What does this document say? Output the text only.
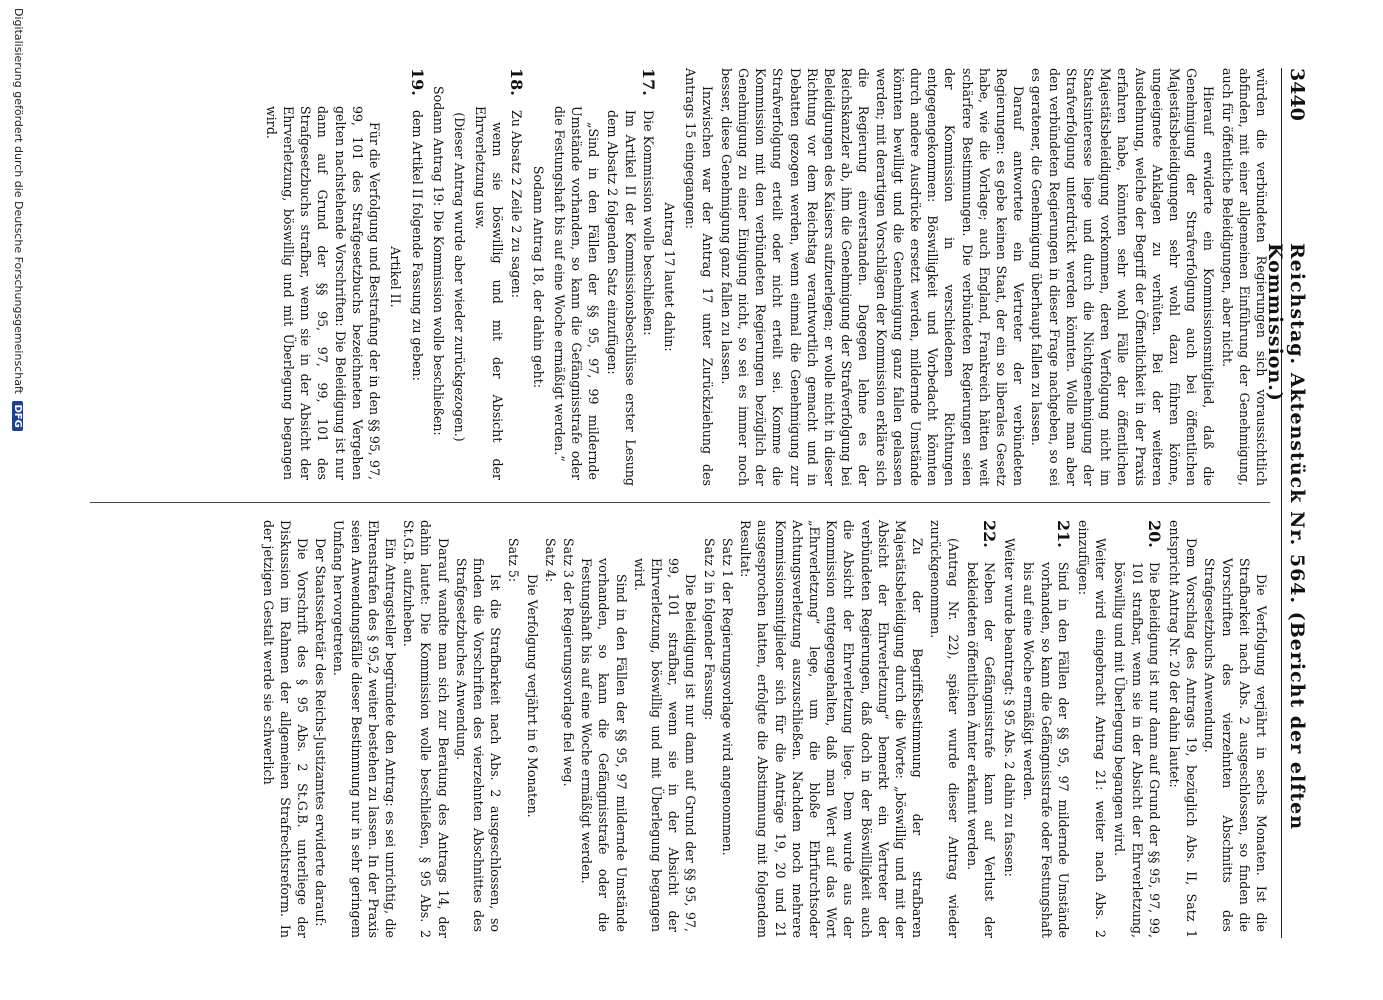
3440
Reichstag. Aktenstück Nr. 564. (Bericht der elften Kommission.)

würden die verbündeten Regierungen sich voraussichtlich abfinden, mit einer allgemeinen Einführung der Genehmigung, auch für öffentliche Beleidigungen, aber nicht.

Hierauf erwiderte ein Kommissionsmitglied, daß die Genehmigung der Strafverfolgung auch bei öffentlichen Majestätsbeleidigungen sehr wohl dazu führen könne, ungeeignete Anklagen zu verhüten. Bei der weiteren Ausdehnung, welche der Begriff der Öffentlichkeit in der Praxis erfahren habe, könnten sehr wohl Fälle der öffentlichen Majestätsbeleidigung vorkommen, deren Verfolgung nicht im Staatsinteresse liege und durch die Nichtgenehmigung der Strafverfolgung unterdrückt werden könnten. Wolle man aber den verbündeten Regierungen in dieser Frage nachgeben, so sei es geratener, die Genehmigung überhaupt fallen zu lassen.

Darauf antwortete ein Vertreter der verbündeten Regierungen: es gebe keinen Staat, der ein so liberales Gesetz habe, wie die Vorlage; auch England, Frankreich hätten weit schärfere Bestimmungen. Die verbündeten Regierungen seien der Kommission in verschiedenen Richtungen entgegengekommen: Böswilligkeit und Vorbedacht könnten durch andere Ausdrücke ersetzt werden, mildernde Umstände könnten bewilligt und die Genehmigung ganz fallen gelassen werden; mit derartigen Vorschlägen der Kommission erkläre sich die Regierung einverstanden. Dagegen lehne es der Reichskanzler ab, ihm die Genehmigung der Strafverfolgung bei Beleidigungen des Kaisers aufzuerlegen; er wolle nicht in dieser Richtung vor dem Reichstag verantwortlich gemacht und in Debatten gezogen werden, wenn einmal die Genehmigung zur Strafverfolgung erteilt oder nicht erteilt sei. Komme die Kommission mit den verbündeten Regierungen bezüglich der Genehmigung zu einer Einigung nicht, so sei es immer noch besser, diese Genehmigung ganz fallen zu lassen.

Inzwischen war der Antrag 17 unter Zurückziehung des Antrags 15 eingegangen:

Antrag 17 lautet dahin:

17.

Die Kommission wolle beschließen:

Im Artikel II der Kommissionsbeschlüsse erster Lesung dem Absatz 2 folgenden Satz einzufügen:

„Sind in den Fällen der §§ 95, 97, 99 mildernde Umstände vorhanden, so kann die Gefängnisstrafe oder die Festungshaft bis auf eine Woche ermäßigt werden.“

Sodann Antrag 18, der dahin geht:

18.

Zu Absatz 2 Zeile 2 zu sagen:

wenn sie böswillig und mit der Absicht der Ehrverletzung usw.

(Dieser Antrag wurde aber wieder zurückgezogen.)

Sodann Antrag 19: Die Kommission wolle beschließen:

19.

dem Artikel II folgende Fassung zu geben:

Artikel II.

Für die Verfolgung und Bestrafung der in den §§ 95, 97, 99, 101 des Strafgesetzbuchs bezeichneten Vergehen gelten nachstehende Vorschriften: Die Beleidigung ist nur dann auf Grund der §§ 95, 97, 99, 101 des Strafgesetzbuchs strafbar, wenn sie in der Absicht der Ehrverletzung, böswillig und mit Überlegung begangen wird.

Die Verfolgung verjährt in sechs Monaten. Ist die Strafbarkeit nach Abs. 2 ausgeschlossen, so finden die Vorschriften des vierzehnten Abschnitts des Strafgesetzbuchs Anwendung.

Dem Vorschlag des Antrags 19, bezüglich Abs. II, Satz 1 entspricht Antrag Nr. 20 der dahin lautet:

20.

Die Beleidigung ist nur dann auf Grund der §§ 95, 97, 99, 101 strafbar, wenn sie in der Absicht der Ehrverletzung, böswillig und mit Überlegung begangen wird.

Weiter wird eingebracht Antrag 21: weiter nach Abs. 2 einzufügen:

21.

Sind in den Fällen der §§ 95, 97 mildernde Umstände vorhanden, so kann die Gefängnisstrafe oder Festungshaft bis auf eine Woche ermäßigt werden.

Weiter wurde beantragt: § 95 Abs. 2 dahin zu fassen:

22.

Neben der Gefängnisstrafe kann auf Verlust der bekleideten öffentlichen Ämter erkannt werden.

(Antrag Nr. 22), später wurde dieser Antrag wieder zurückgenommen.

Zu der Begriffsbestimmung der strafbaren Majestätsbeleidigung durch die Worte: „böswillig und mit der Absicht der Ehrverletzung“ bemerkt ein Vertreter der verbündeten Regierungen, daß doch in der Böswilligkeit auch die Absicht der Ehrverletzung liege. Dem wurde aus der Kommission entgegengehalten, daß man Wert auf das Wort „Ehrverletzung“ lege, um die bloße Ehrfurchtsoder Achtungsverletzung auszuschließen. Nachdem noch mehrere Kommissionsmitglieder sich für die Anträge 19, 20 und 21 ausgesprochen hatten, erfolgte die Abstimmung mit folgendem Resultat:

Satz 1 der Regierungsvorlage wird angenommen.

Satz 2 in folgender Fassung:

Die Beleidigung ist nur dann auf Grund der §§ 95, 97, 99, 101 strafbar, wenn sie in der Absicht der Ehrverletzung, böswillig und mit Überlegung begangen wird.

Sind in den Fällen der §§ 95, 97 mildernde Umstände vorhanden, so kann die Gefängnisstrafe oder die Festungshaft bis auf eine Woche ermäßigt werden.

Satz 3 der Regierungsvorlage fiel weg.

Satz 4:

Die Verfolgung verjährt in 6 Monaten.

Satz 5:

Ist die Strafbarkeit nach Abs. 2 ausgeschlossen, so finden die Vorschriften des vierzehnten Abschnittes des Strafgesetzbuches Anwendung.

Darauf wandte man sich zur Beratung des Antrags 14, der dahin lautet: Die Kommission wolle beschließen, § 95 Abs. 2 St.G.B. aufzuheben.

Ein Antragsteller begründete den Antrag: es sei unrichtig, die Ehrenstrafen des § 95,2 weiter bestehen zu lassen. In der Praxis seien Anwendungsfälle dieser Bestimmung nur in sehr geringem Umfang hervorgetreten.

Der Staatssekretär des Reichs-Justizamtes erwiderte darauf:

Die Vorschrift des § 95 Abs. 2 St.G.B. unterliege der Diskussion im Rahmen der allgemeinen Strafrechtsreform. In der jetzigen Gestalt werde sie schwerlich

Digitalisierung gefördert durch die Deutsche Forschungsgemeinschaft DFG
